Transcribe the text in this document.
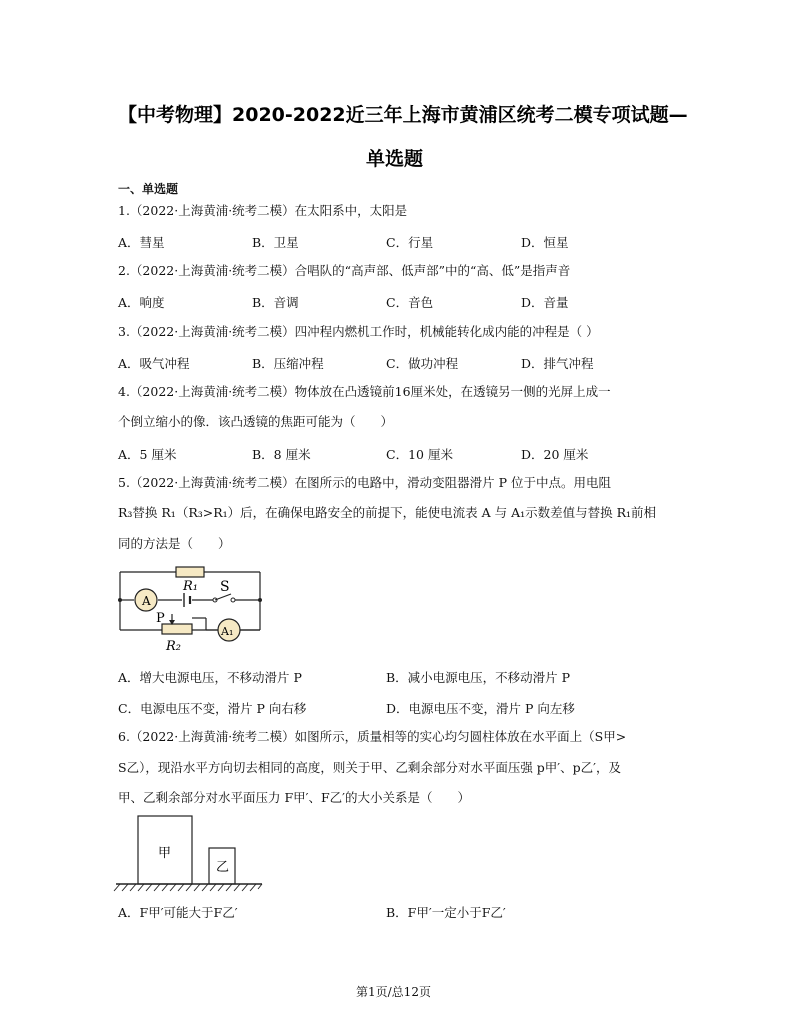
【中考物理】2020-2022近三年上海市黄浦区统考二模专项试题—
单选题
一、单选题
1.（2022·上海黄浦·统考二模）在太阳系中，太阳是
A．彗星	B．卫星	C．行星	D．恒星
2.（2022·上海黄浦·统考二模）合唱队的“高声部、低声部”中的“高、低”是指声音
A．响度	B．音调	C．音色	D．音量
3.（2022·上海黄浦·统考二模）四冲程内燃机工作时，机械能转化成内能的冲程是（ ）
A．吸气冲程	B．压缩冲程	C．做功冲程	D．排气冲程
4.（2022·上海黄浦·统考二模）物体放在凸透镜前16厘米处，在透镜另一侧的光屏上成一
个倒立缩小的像．该凸透镜的焦距可能为（　　）
A．5 厘米	B．8 厘米	C．10 厘米	D．20 厘米
5.（2022·上海黄浦·统考二模）在图所示的电路中，滑动变阻器滑片 P 位于中点。用电阻
R₃替换 R₁（R₃>R₁）后，在确保电路安全的前提下，能使电流表 A 与 A₁示数差值与替换 R₁前相
同的方法是（　　）
R₁ S
A
P
R₂
A₁
A．增大电源电压，不移动滑片 P	B．减小电源电压，不移动滑片 P
C．电源电压不变，滑片 P 向右移	D．电源电压不变，滑片 P 向左移
6.（2022·上海黄浦·统考二模）如图所示，质量相等的实心均匀圆柱体放在水平面上（S甲>
S乙），现沿水平方向切去相同的高度，则关于甲、乙剩余部分对水平面压强 p甲′、p乙′，及
甲、乙剩余部分对水平面压力 F甲′、F乙′的大小关系是（　　）
甲
乙
A．F甲′可能大于F乙′	B．F甲′一定小于F乙′
第1页/总12页
